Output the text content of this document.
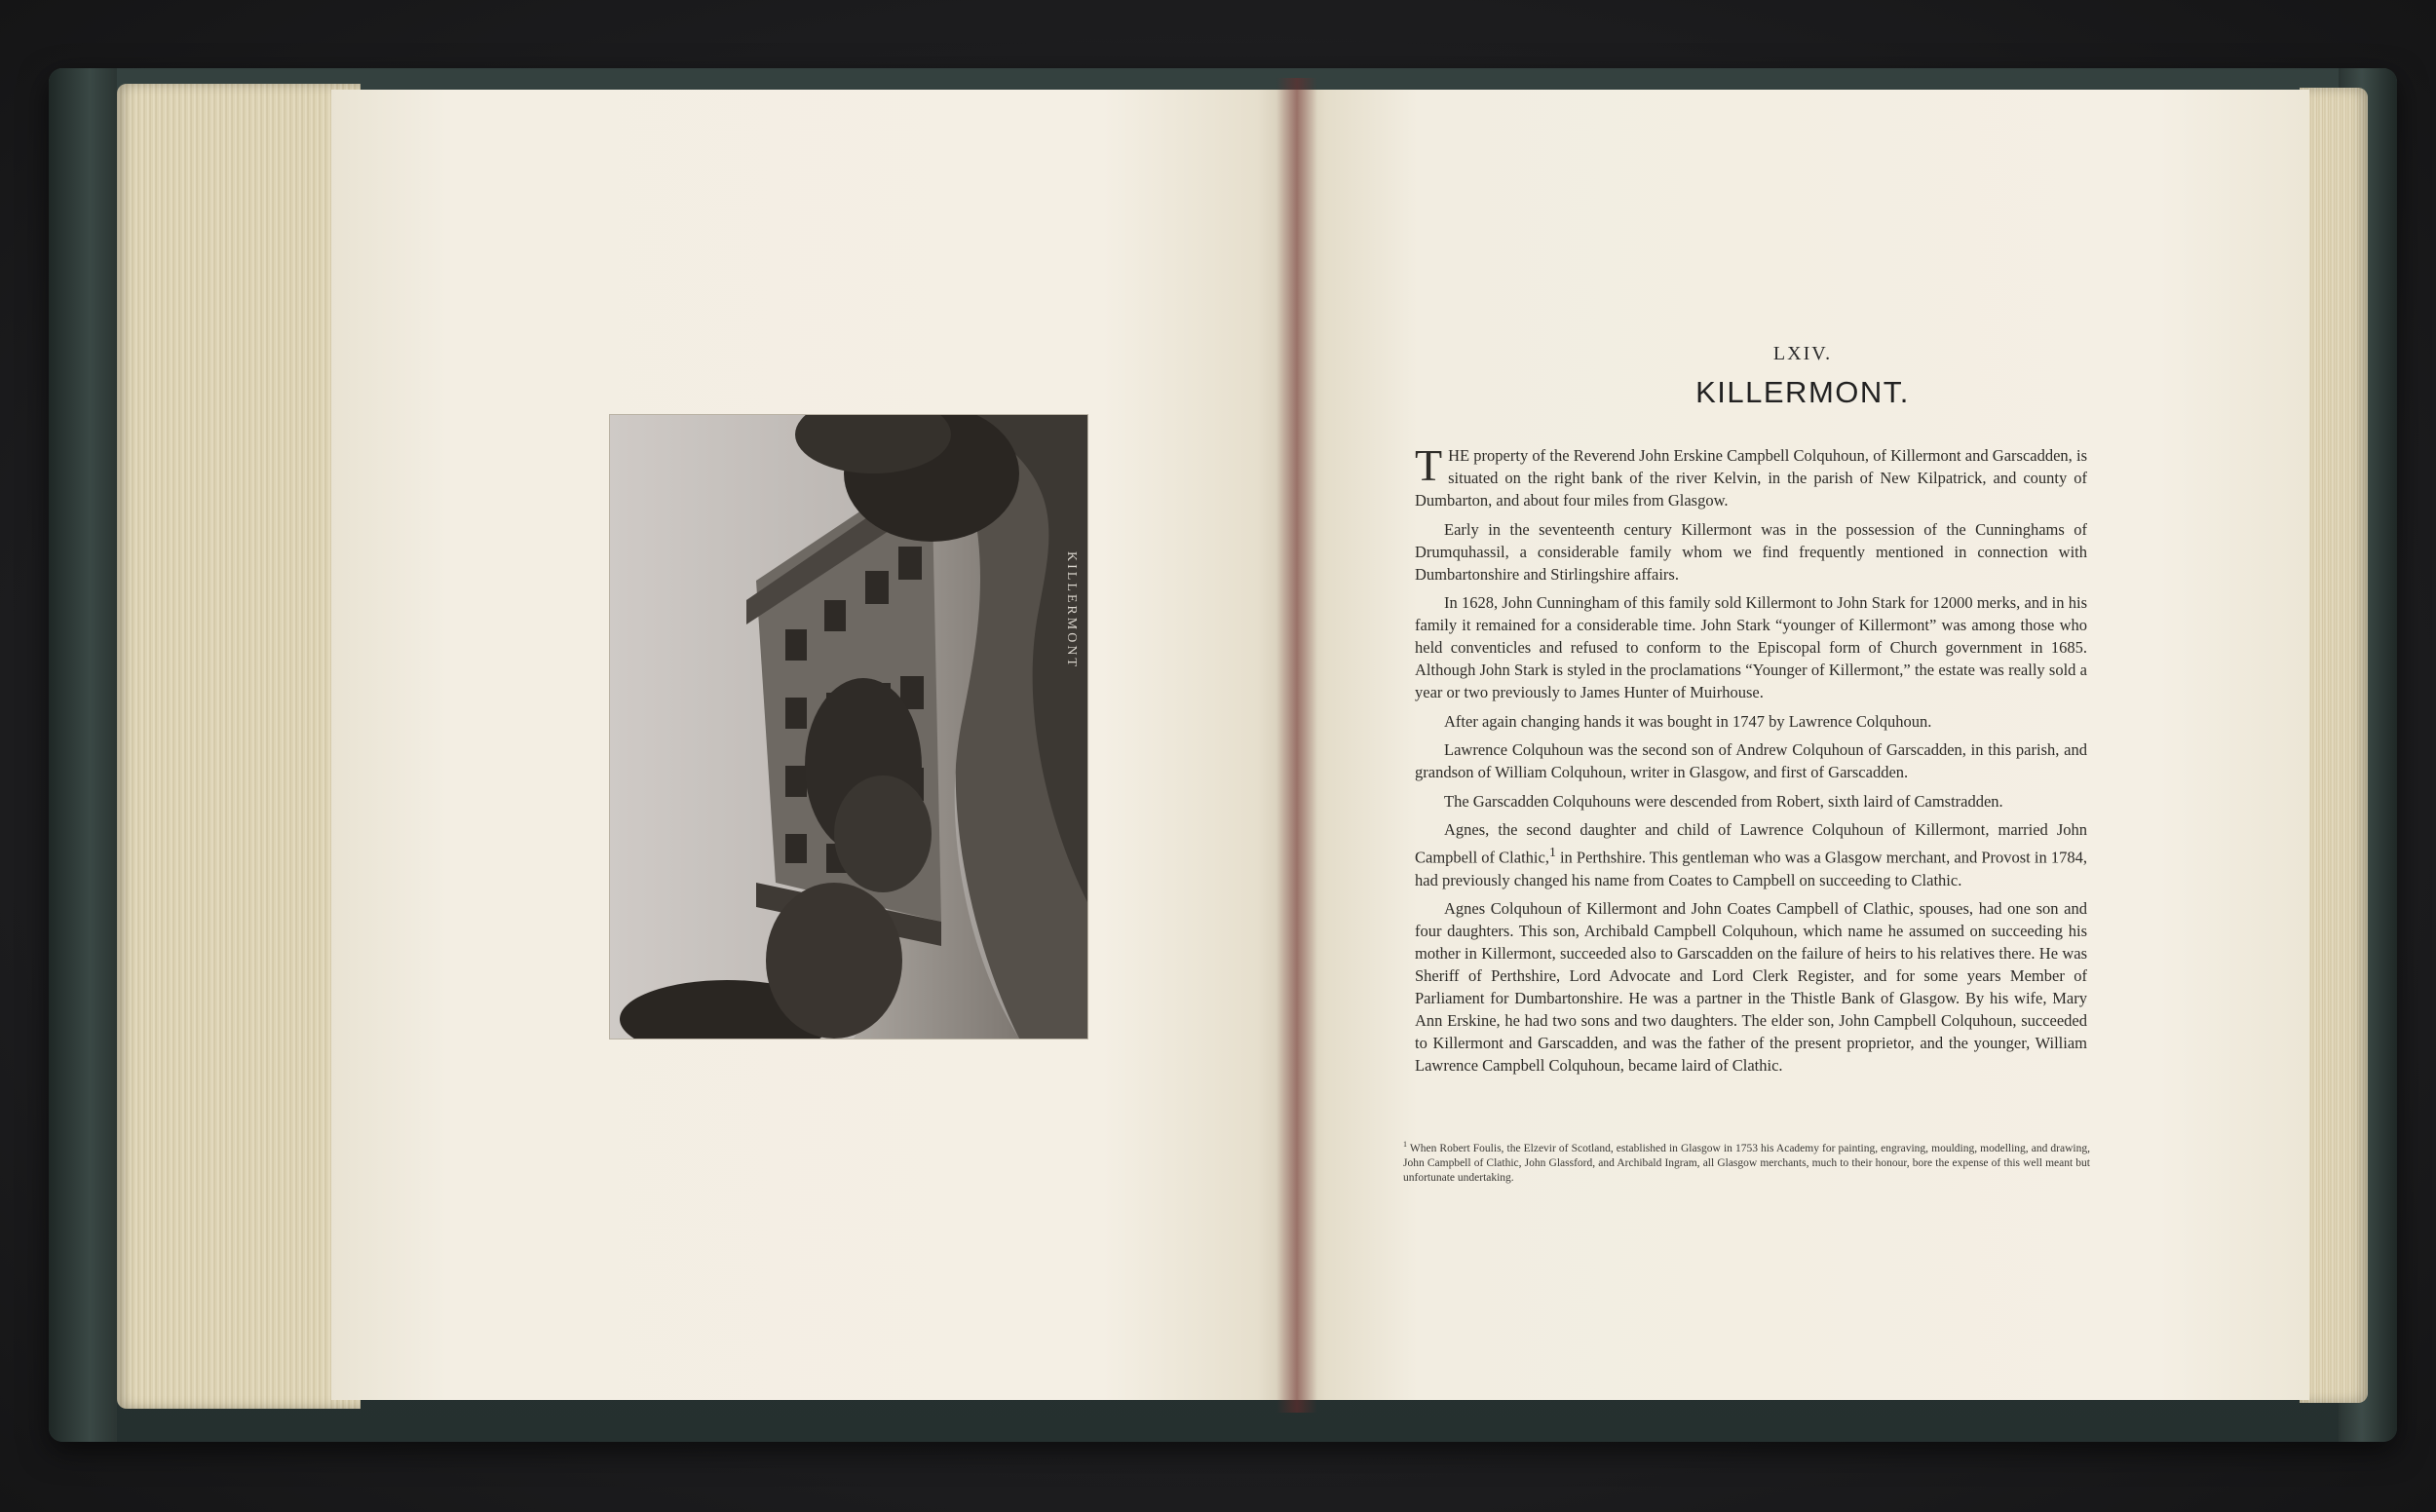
KILLERMONT
LXIV.
KILLERMONT.

THE property of the Reverend John Erskine Campbell Colquhoun, of Killermont and Garscadden, is situated on the right bank of the river Kelvin, in the parish of New Kilpatrick, and county of Dumbarton, and about four miles from Glasgow.

Early in the seventeenth century Killermont was in the possession of the Cunninghams of Drumquhassil, a considerable family whom we find frequently mentioned in connection with Dumbartonshire and Stirlingshire affairs.

In 1628, John Cunningham of this family sold Killermont to John Stark for 12000 merks, and in his family it remained for a considerable time. John Stark “younger of Killermont” was among those who held conventicles and refused to conform to the Episcopal form of Church government in 1685. Although John Stark is styled in the proclamations “Younger of Killermont,” the estate was really sold a year or two previously to James Hunter of Muirhouse.

After again changing hands it was bought in 1747 by Lawrence Colquhoun.

Lawrence Colquhoun was the second son of Andrew Colquhoun of Garscadden, in this parish, and grandson of William Colquhoun, writer in Glasgow, and first of Garscadden.

The Garscadden Colquhouns were descended from Robert, sixth laird of Camstradden.

Agnes, the second daughter and child of Lawrence Colquhoun of Killermont, married John Campbell of Clathic,$^1$ in Perthshire. This gentleman who was a Glasgow merchant, and Provost in 1784, had previously changed his name from Coates to Campbell on succeeding to Clathic.

Agnes Colquhoun of Killermont and John Coates Campbell of Clathic, spouses, had one son and four daughters. This son, Archibald Campbell Colquhoun, which name he assumed on succeeding his mother in Killermont, succeeded also to Garscadden on the failure of heirs to his relatives there. He was Sheriff of Perthshire, Lord Advocate and Lord Clerk Register, and for some years Member of Parliament for Dumbartonshire. He was a partner in the Thistle Bank of Glasgow. By his wife, Mary Ann Erskine, he had two sons and two daughters. The elder son, John Campbell Colquhoun, succeeded to Killermont and Garscadden, and was the father of the present proprietor, and the younger, William Lawrence Campbell Colquhoun, became laird of Clathic.

$^1$ When Robert Foulis, the Elzevir of Scotland, established in Glasgow in 1753 his Academy for painting, engraving, moulding, modelling, and drawing, John Campbell of Clathic, John Glassford, and Archibald Ingram, all Glasgow merchants, much to their honour, bore the expense of this well meant but unfortunate undertaking.
